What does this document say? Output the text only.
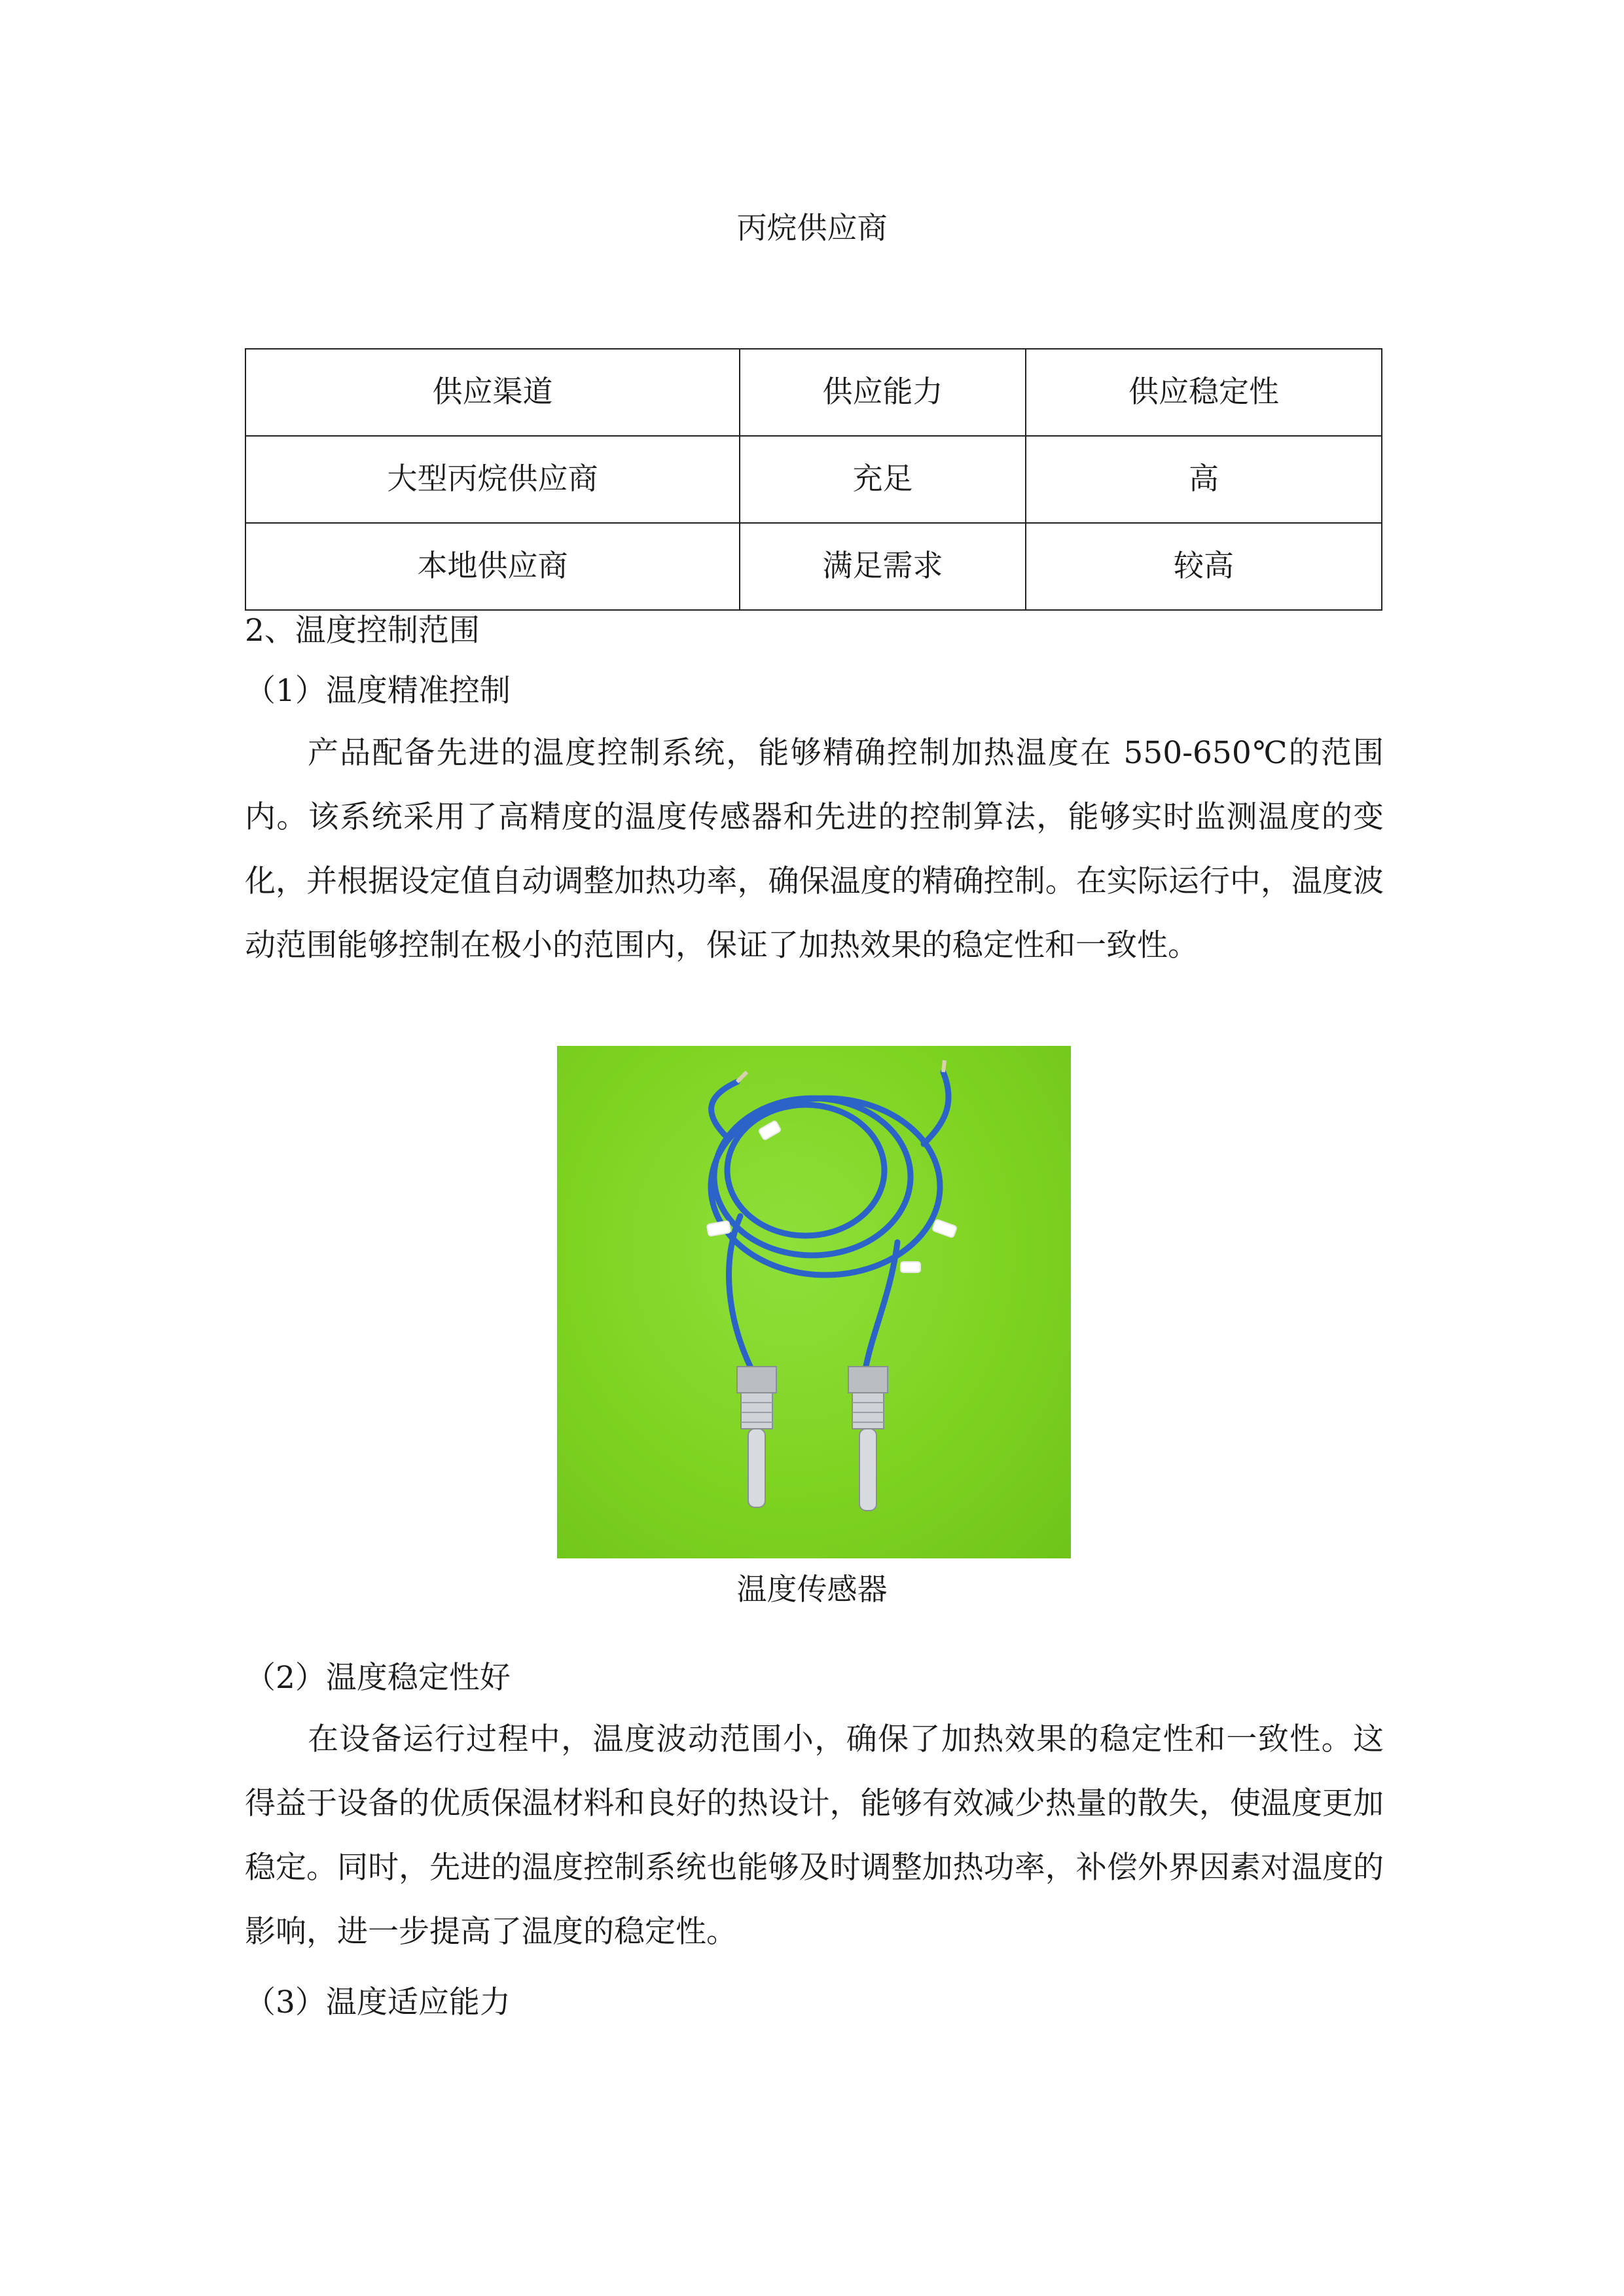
丙烷供应商
供应渠道	供应能力	供应稳定性
大型丙烷供应商	充足	高
本地供应商	满足需求	较高
2、温度控制范围
（1）温度精准控制
产品配备先进的温度控制系统，能够精确控制加热温度在 550-650℃的范围内。该系统采用了高精度的温度传感器和先进的控制算法，能够实时监测温度的变化，并根据设定值自动调整加热功率，确保温度的精确控制。在实际运行中，温度波动范围能够控制在极小的范围内，保证了加热效果的稳定性和一致性。
温度传感器
（2）温度稳定性好
在设备运行过程中，温度波动范围小，确保了加热效果的稳定性和一致性。这得益于设备的优质保温材料和良好的热设计，能够有效减少热量的散失，使温度更加稳定。同时，先进的温度控制系统也能够及时调整加热功率，补偿外界因素对温度的影响，进一步提高了温度的稳定性。
（3）温度适应能力
